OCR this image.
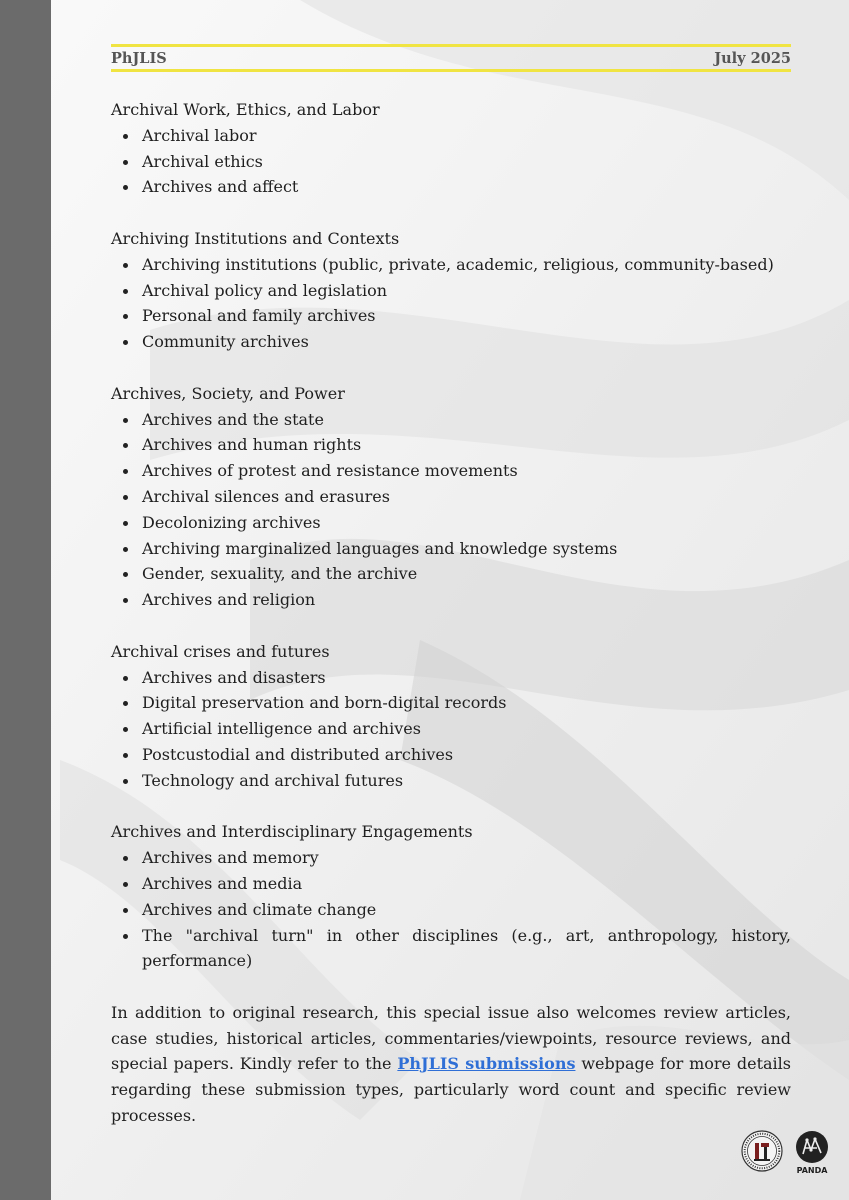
PhJLIS	July 2025

Archival Work, Ethics, and Labor

Archival labor
Archival ethics
Archives and affect

Archiving Institutions and Contexts

Archiving institutions (public, private, academic, religious, community-based)
Archival policy and legislation
Personal and family archives
Community archives

Archives, Society, and Power

Archives and the state
Archives and human rights
Archives of protest and resistance movements
Archival silences and erasures
Decolonizing archives
Archiving marginalized languages and knowledge systems
Gender, sexuality, and the archive
Archives and religion

Archival crises and futures

Archives and disasters
Digital preservation and born-digital records
Artificial intelligence and archives
Postcustodial and distributed archives
Technology and archival futures

Archives and Interdisciplinary Engagements

Archives and memory
Archives and media
Archives and climate change
The "archival turn" in other disciplines (e.g., art, anthropology, history, performance)

In addition to original research, this special issue also welcomes review articles, case studies, historical articles, commentaries/viewpoints, resource reviews, and special papers. Kindly refer to the PhJLIS submissions webpage for more details regarding these submission types, particularly word count and specific review processes.

PANDA
